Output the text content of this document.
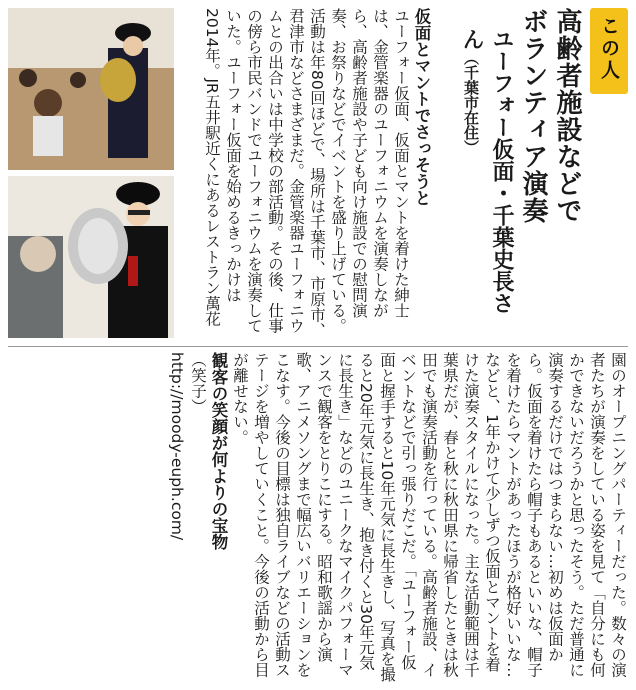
この人
高齢者施設などで
ボランティア演奏
ユーフォー仮面・千葉史長さん（千葉市在住）
仮面とマントでさっそうと
ユーフォー仮面、仮面とマントを着けた紳士は、金管楽器のユーフォニウムを演奏しながら、高齢者施設や子ども向け施設での慰問演奏、お祭りなどでイベントを盛り上げている。活動は年80回ほどで、場所は千葉市、市原市、君津市などさまざまだ。金管楽器ユーフォニウムとの出合いは中学校の部活動。その後、仕事の傍ら市民バンドでユーフォニウムを演奏していた。ユーフォー仮面を始めるきっかけは2014年。JR五井駅近くにあるレストラン萬花
園のオープニングパーティーだった。数々の演者たちが演奏をしている姿を見て「自分にも何かできないだろうかと思ったそう。ただ普通に演奏するだけではつまらない…初めは仮面から。仮面を着けたら帽子もあるといいな、帽子を着けたらマントがあったほうが格好いいな…などと、1年かけて少しずつ仮面とマントを着けた演奏スタイルになった。主な活動範囲は千葉県だが、春と秋に秋田県に帰省したときは秋田でも演奏活動を行っている。高齢者施設、イベントなどで引っ張りだこだ。「ユーフォー仮面と握手すると10年元気に長生きし、写真を撮ると20年元気に長生き、抱き付くと30年元気に長生き」などのユニークなマイクパフォーマンスで観客をとりこにする。昭和歌謡から演歌、アニメソングまで幅広いバリエーションをこなす。今後の目標は独自ライブなどの活動ステージを増やしていくこと。今後の活動から目が離せない。
観客の笑顔が何よりの宝物
（笑子）
http://moody-euph.com/
